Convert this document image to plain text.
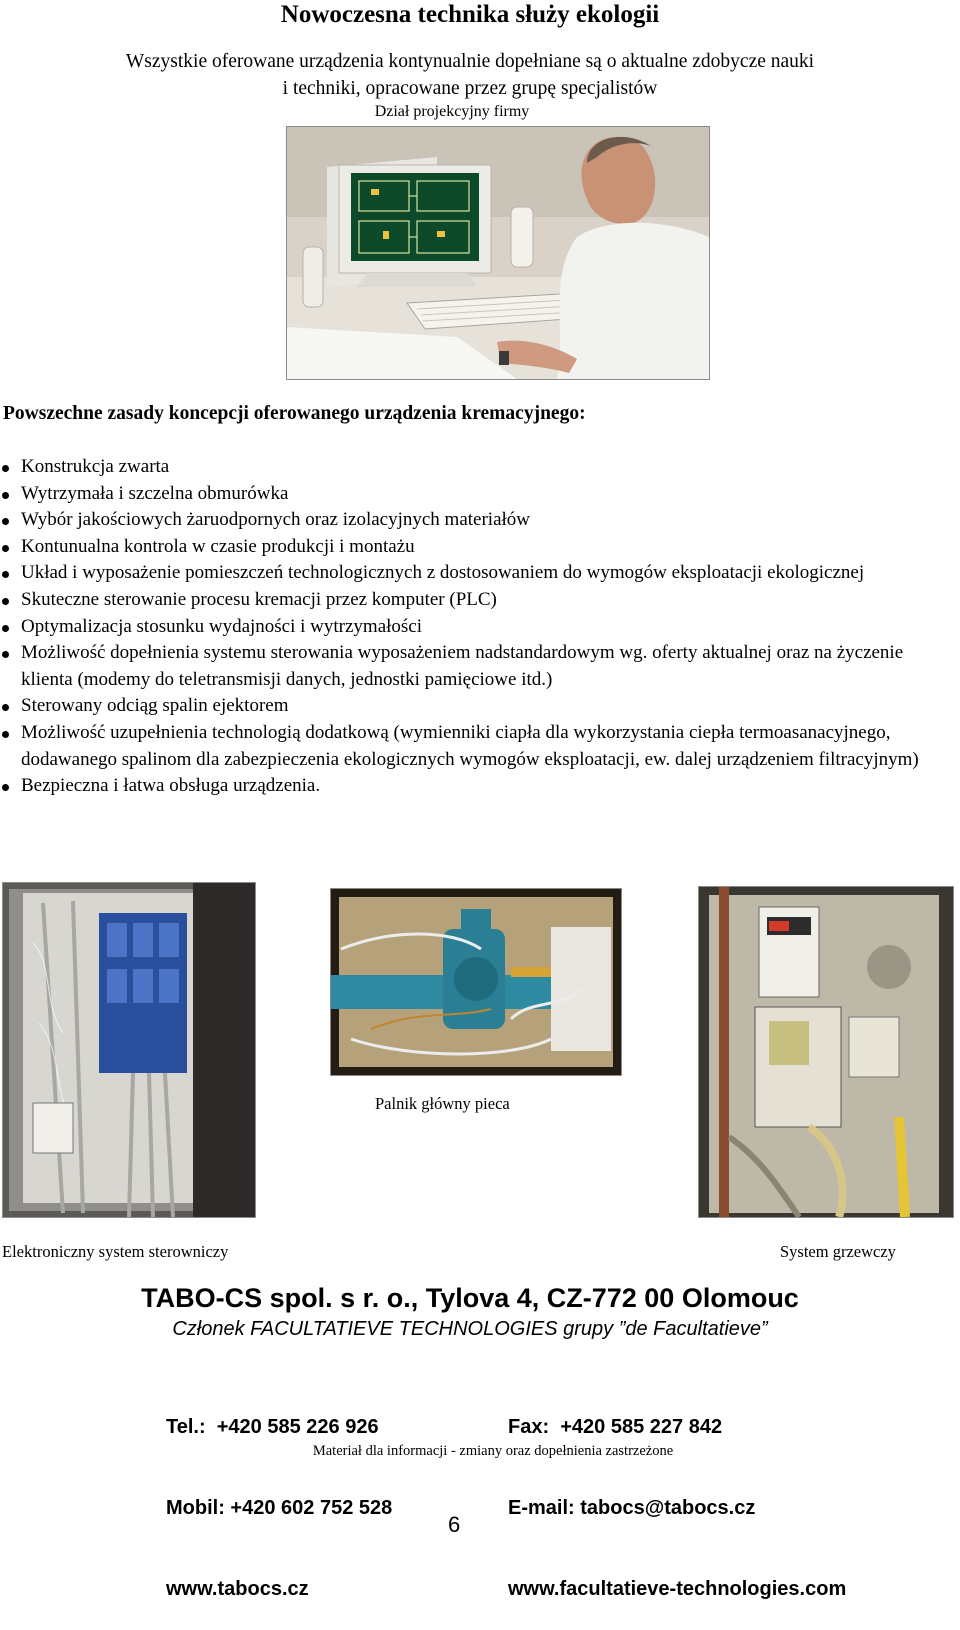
Nowoczesna technika służy ekologii
Wszystkie oferowane urządzenia kontynualnie dopełniane są o aktualne zdobycze nauki
i techniki, opracowane przez grupę specjalistów
Dział projekcyjny firmy
Powszechne zasady koncepcji oferowanego urządzenia kremacyjnego:
Konstrukcja zwarta
Wytrzymała i szczelna obmurówka
Wybór jakościowych żaruodpornych oraz izolacyjnych materiałów
Kontunualna kontrola w czasie produkcji i montażu
Układ i wyposażenie pomieszczeń technologicznych z dostosowaniem do wymogów eksploatacji ekologicznej
Skuteczne sterowanie procesu kremacji przez komputer (PLC)
Optymalizacja stosunku wydajności i wytrzymałości
Możliwość dopełnienia systemu sterowania wyposażeniem nadstandardowym wg. oferty aktualnej oraz na życzenie klienta (modemy do teletransmisji danych, jednostki pamięciowe itd.)
Sterowany odciąg spalin ejektorem
Możliwość uzupełnienia technologią dodatkową (wymienniki ciapła dla wykorzystania ciepła termoasanacyjnego, dodawanego spalinom dla zabezpieczenia ekologicznych wymogów eksploatacji, ew. dalej urządzeniem filtracyjnym)
Bezpieczna i łatwa obsługa urządzenia.
Palnik główny pieca
Elektroniczny system sterowniczy	System grzewczy
TABO-CS spol. s r. o., Tylova 4, CZ-772 00 Olomouc
Członek FACULTATIEVE TECHNOLOGIES grupy ”de Facultatieve”

Tel.:  +420 585 226 926

Mobil: +420 602 752 528

www.tabocs.cz

Fax:  +420 585 227 842

E-mail: tabocs@tabocs.cz

www.facultatieve-technologies.com

Materiał dla informacji - zmiany oraz dopełnienia zastrzeżone
6
